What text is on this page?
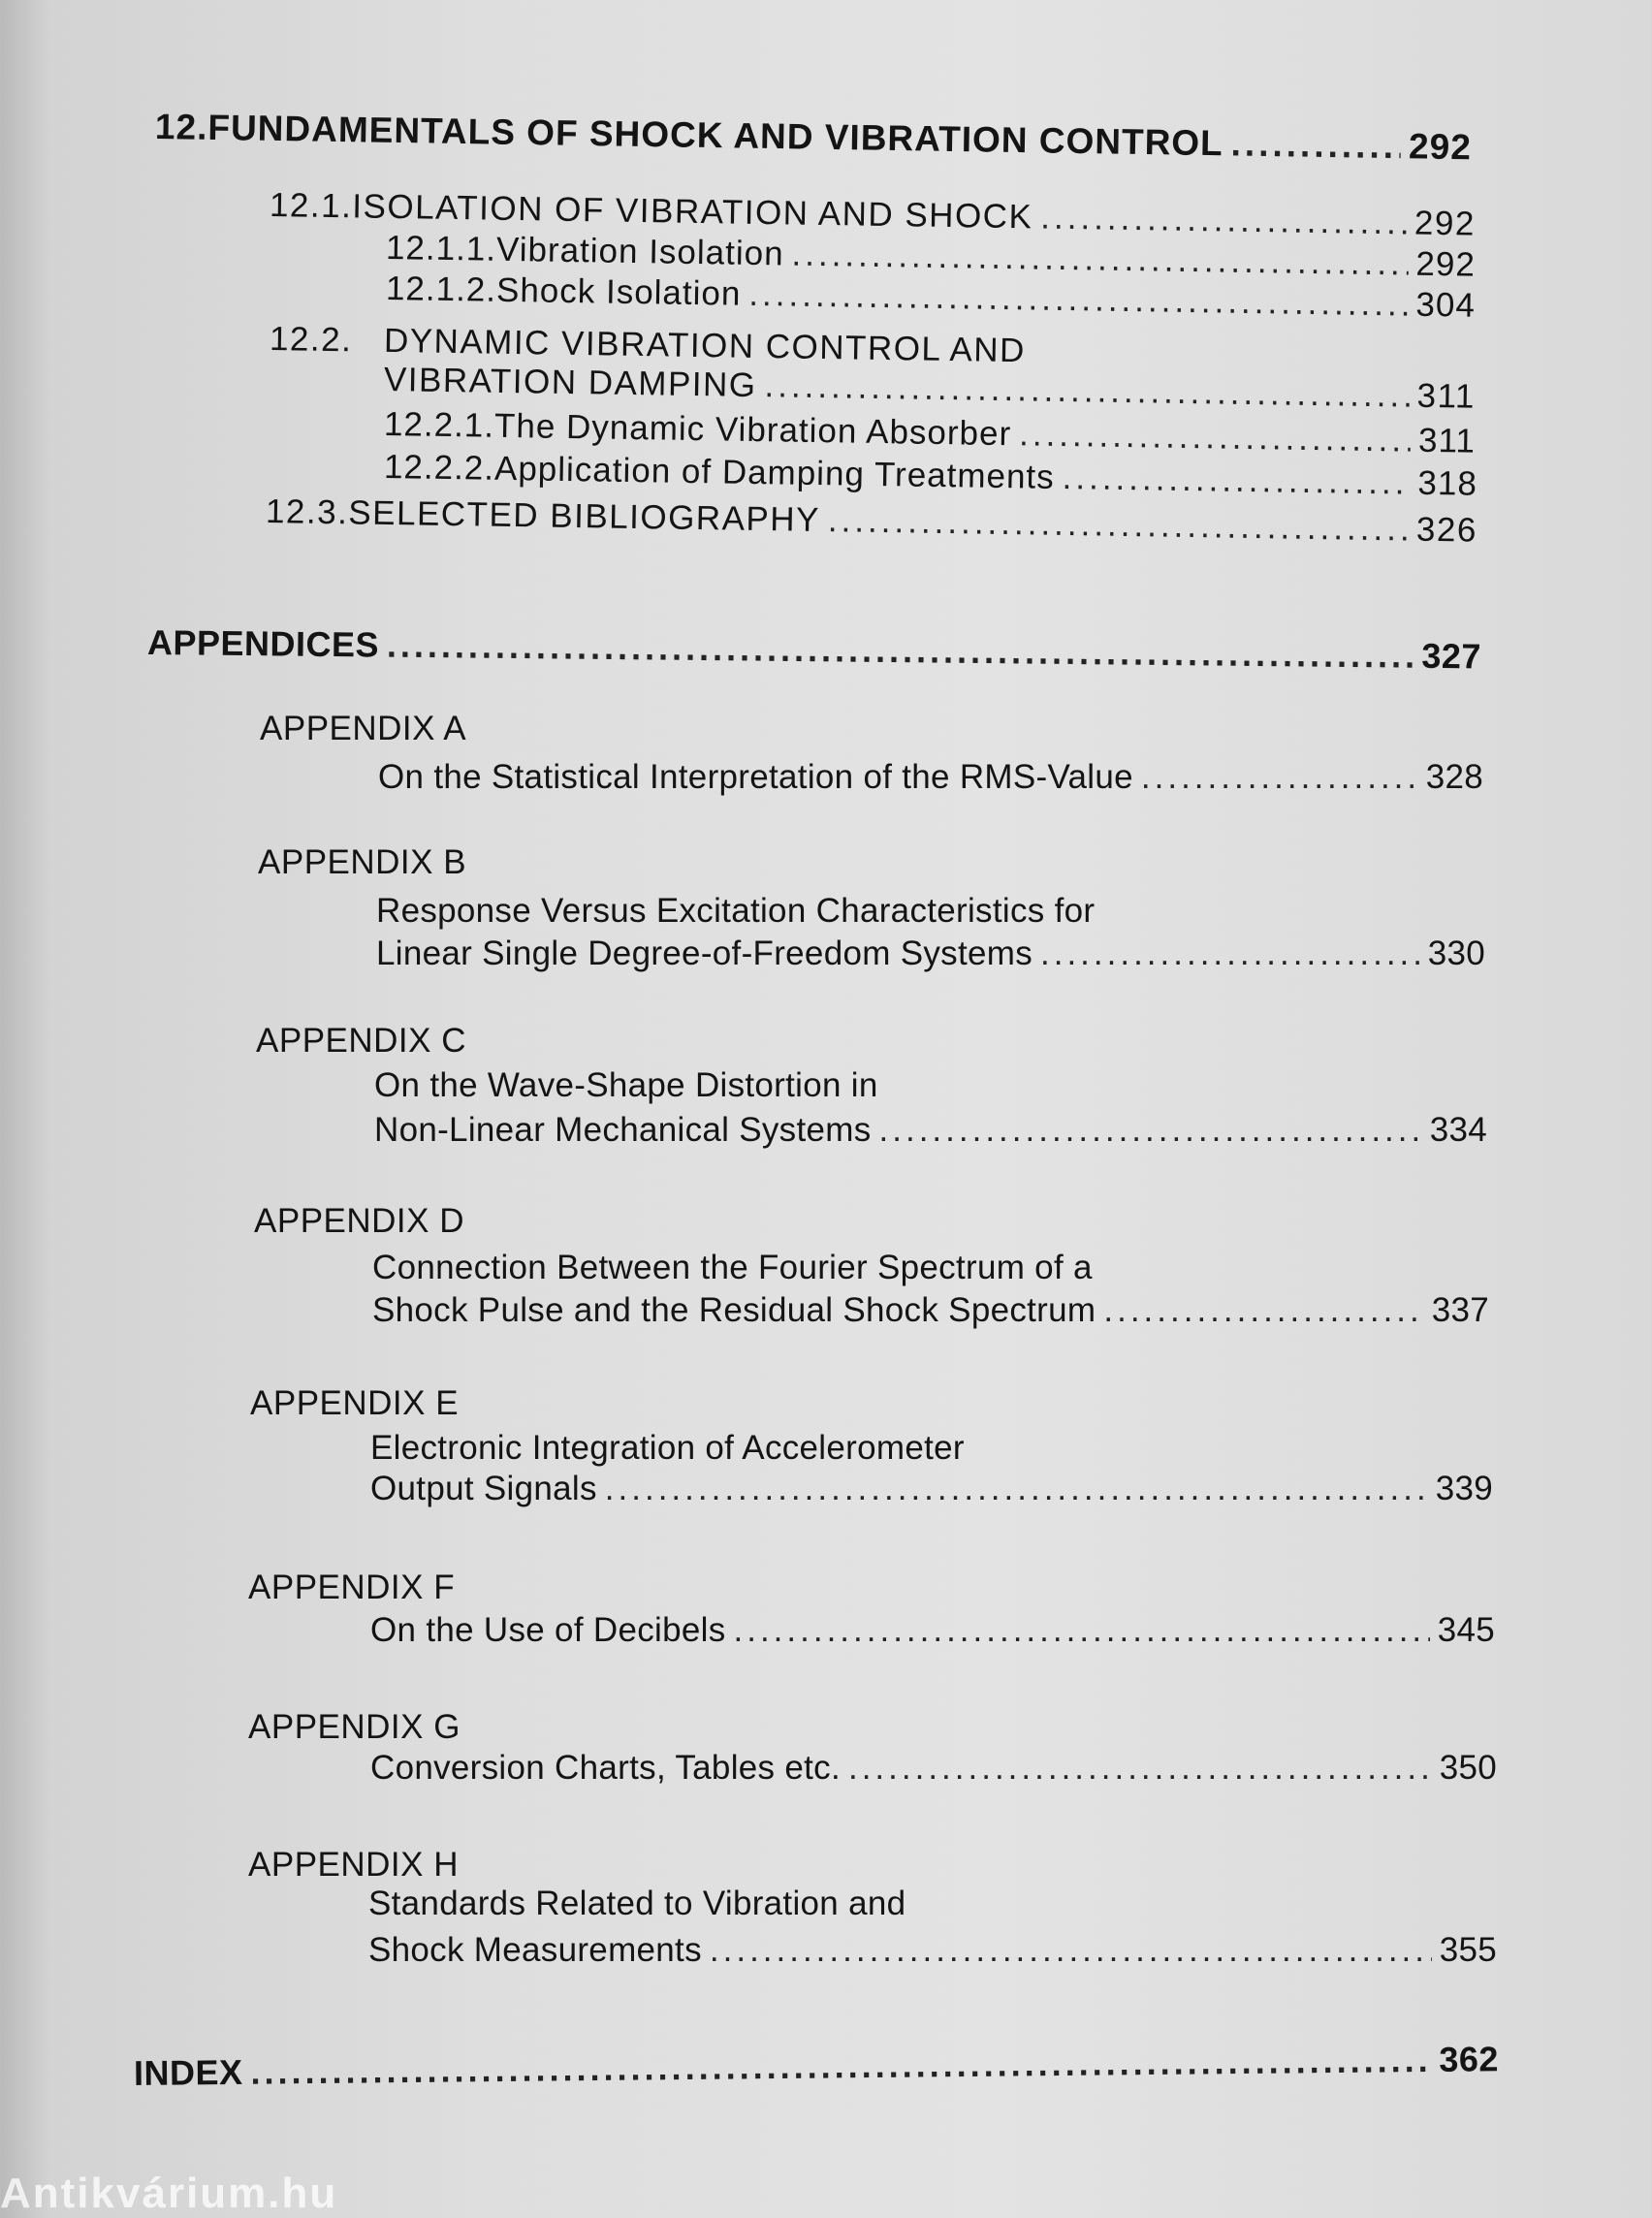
12. FUNDAMENTALS OF SHOCK AND VIBRATION CONTROL .....	292
12.1. ISOLATION OF VIBRATION AND SHOCK .....	292
12.1.1. Vibration Isolation .....	292
12.1.2. Shock Isolation .....	304
12.2. DYNAMIC VIBRATION CONTROL AND
VIBRATION DAMPING .....	311
12.2.1. The Dynamic Vibration Absorber .....	311
12.2.2. Application of Damping Treatments .....	318
12.3. SELECTED BIBLIOGRAPHY .....	326
APPENDICES .....	327
APPENDIX A
On the Statistical Interpretation of the RMS-Value .....	328
APPENDIX B
Response Versus Excitation Characteristics for
Linear Single Degree-of-Freedom Systems .....	330
APPENDIX C
On the Wave-Shape Distortion in
Non-Linear Mechanical Systems .....	334
APPENDIX D
Connection Between the Fourier Spectrum of a
Shock Pulse and the Residual Shock Spectrum .....	337
APPENDIX E
Electronic Integration of Accelerometer
Output Signals .....	339
APPENDIX F
On the Use of Decibels .....	345
APPENDIX G
Conversion Charts, Tables etc. .....	350
APPENDIX H
Standards Related to Vibration and
Shock Measurements .....	355
INDEX .....	362
Antikvárium.hu
